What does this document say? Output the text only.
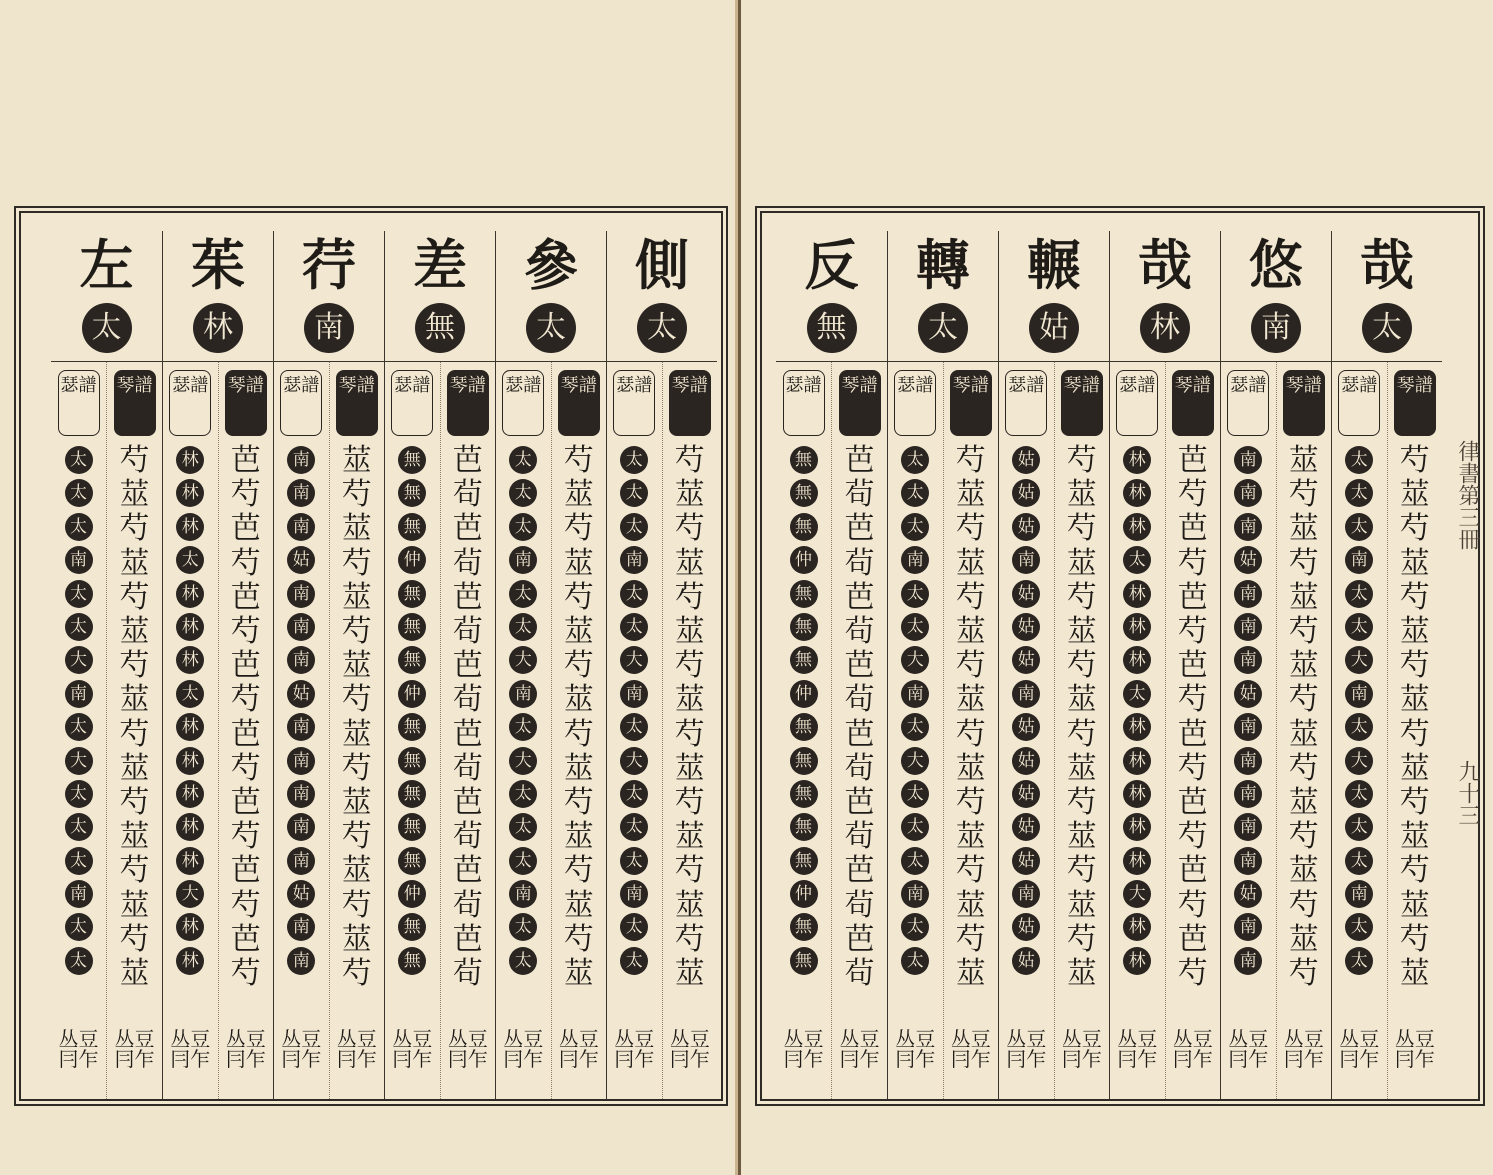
左
太
瑟譜
太
太
太
南
太
太
大
南
太
大
太
太
太
南
太
太
丛豆冃乍
琴譜
芍
莁
芍
莁
芍
莁
芍
莁
芍
莁
芍
莁
芍
莁
芍
莁
丛豆冃乍
茱
林
瑟譜
林
林
林
太
林
林
林
太
林
林
林
林
林
大
林
林
丛豆冃乍
琴譜
芭
芍
芭
芍
芭
芍
芭
芍
芭
芍
芭
芍
芭
芍
芭
芍
丛豆冃乍
荇
南
瑟譜
南
南
南
姑
南
南
南
姑
南
南
南
南
南
姑
南
南
丛豆冃乍
琴譜
莁
芍
莁
芍
莁
芍
莁
芍
莁
芍
莁
芍
莁
芍
莁
芍
丛豆冃乍
差
無
瑟譜
無
無
無
仲
無
無
無
仲
無
無
無
無
無
仲
無
無
丛豆冃乍
琴譜
芭
茍
芭
茍
芭
茍
芭
茍
芭
茍
芭
茍
芭
茍
芭
茍
丛豆冃乍
參
太
瑟譜
太
太
太
南
太
太
大
南
太
大
太
太
太
南
太
太
丛豆冃乍
琴譜
芍
莁
芍
莁
芍
莁
芍
莁
芍
莁
芍
莁
芍
莁
芍
莁
丛豆冃乍
側
太
瑟譜
太
太
太
南
太
太
大
南
太
大
太
太
太
南
太
太
丛豆冃乍
琴譜
芍
莁
芍
莁
芍
莁
芍
莁
芍
莁
芍
莁
芍
莁
芍
莁
丛豆冃乍
反
無
瑟譜
無
無
無
仲
無
無
無
仲
無
無
無
無
無
仲
無
無
丛豆冃乍
琴譜
芭
茍
芭
茍
芭
茍
芭
茍
芭
茍
芭
茍
芭
茍
芭
茍
丛豆冃乍
轉
太
瑟譜
太
太
太
南
太
太
大
南
太
大
太
太
太
南
太
太
丛豆冃乍
琴譜
芍
莁
芍
莁
芍
莁
芍
莁
芍
莁
芍
莁
芍
莁
芍
莁
丛豆冃乍
輾
姑
瑟譜
姑
姑
姑
南
姑
姑
姑
南
姑
姑
姑
姑
姑
南
姑
姑
丛豆冃乍
琴譜
芍
莁
芍
莁
芍
莁
芍
莁
芍
莁
芍
莁
芍
莁
芍
莁
丛豆冃乍
哉
林
瑟譜
林
林
林
太
林
林
林
太
林
林
林
林
林
大
林
林
丛豆冃乍
琴譜
芭
芍
芭
芍
芭
芍
芭
芍
芭
芍
芭
芍
芭
芍
芭
芍
丛豆冃乍
悠
南
瑟譜
南
南
南
姑
南
南
南
姑
南
南
南
南
南
姑
南
南
丛豆冃乍
琴譜
莁
芍
莁
芍
莁
芍
莁
芍
莁
芍
莁
芍
莁
芍
莁
芍
丛豆冃乍
哉
太
瑟譜
太
太
太
南
太
太
大
南
太
大
太
太
太
南
太
太
丛豆冃乍
琴譜
芍
莁
芍
莁
芍
莁
芍
莁
芍
莁
芍
莁
芍
莁
芍
莁
丛豆冃乍
律書第三冊
九十三
